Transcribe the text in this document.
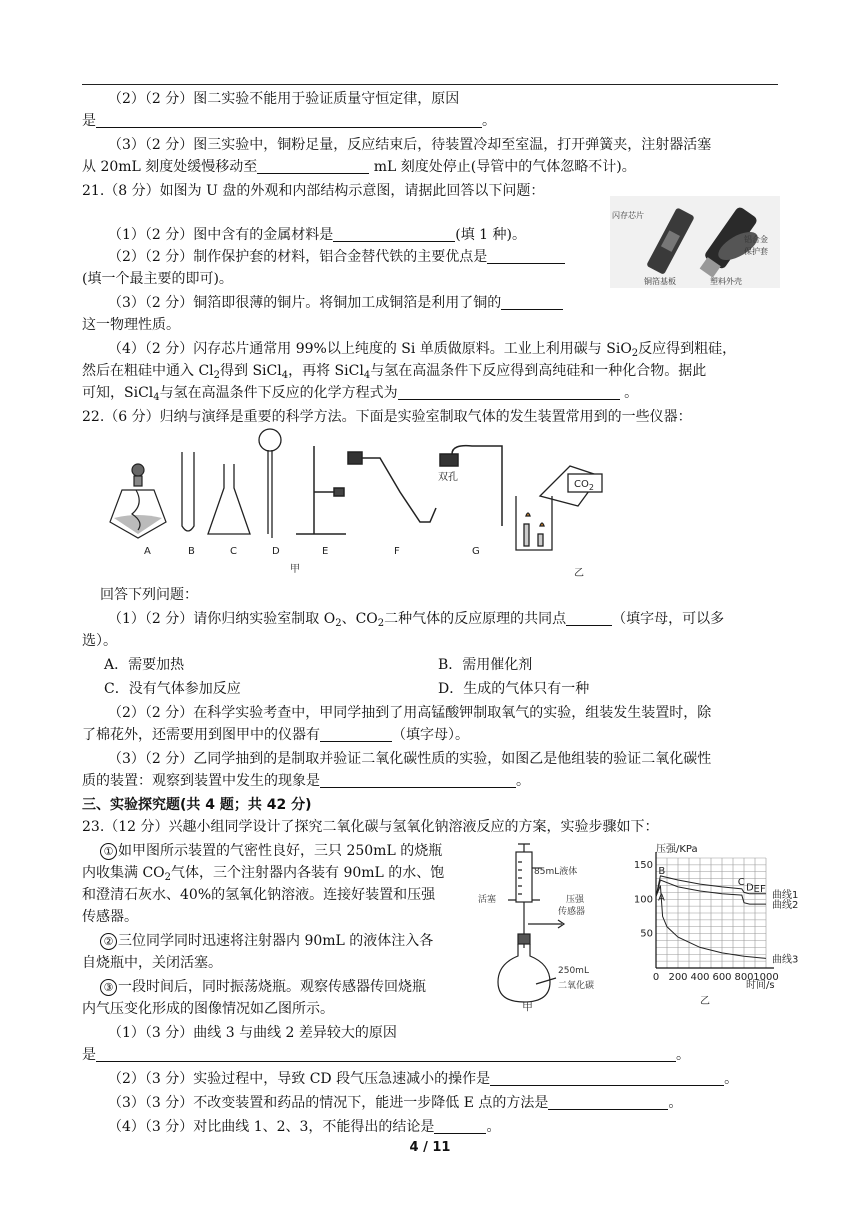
（2）（2 分）图二实验不能用于验证质量守恒定律，原因
是	。
（3）（2 分）图三实验中，铜粉足量，反应结束后，待装置冷却至室温，打开弹簧夹，注射器活塞
从 20mL 刻度处缓慢移动至	mL 刻度处停止(导管中的气体忽略不计)。
21.（8 分）如图为 U 盘的外观和内部结构示意图，请据此回答以下问题：
（1）（2 分）图中含有的金属材料是	(填 1 种)。
（2）（2 分）制作保护套的材料，铝合金替代铁的主要优点是
(填一个最主要的即可)。
（3）（2 分）铜箔即很薄的铜片。将铜加工成铜箔是利用了铜的
这一物理性质。
（4）（2 分）闪存芯片通常用 99%以上纯度的 Si 单质做原料。工业上利用碳与 SiO$_2$反应得到粗硅，
然后在粗硅中通入 $Cl_2$得到 SiCl$_4$，再将 SiCl$_4$与氢在高温条件下反应得到高纯硅和一种化合物。据此
可知，SiCl$_4$与氢在高温条件下反应的化学方程式为	。
闪存芯片
铝合金
保护套
铜箔基板	塑料外壳
22.（6 分）归纳与演绎是重要的科学方法。下面是实验室制取气体的发生装置常用到的一些仪器：
A	B	C	D	E	F	G
双孔
甲	乙
$CO_2$
回答下列问题：
（1）（2 分）请你归纳实验室制取 $O_2$、$CO_2$二种气体的反应原理的共同点	（填字母，可以多
选）。
A．需要加热	B．需用催化剂
C．没有气体参加反应	D．生成的气体只有一种
（2）（2 分）在科学实验考查中，甲同学抽到了用高锰酸钾制取氧气的实验，组装发生装置时，除
了棉花外，还需要用到图甲中的仪器有	（填字母）。
（3）（2 分）乙同学抽到的是制取并验证二氧化碳性质的实验，如图乙是他组装的验证二氧化碳性
质的装置：观察到装置中发生的现象是	。
三、实验探究题(共 4 题；共 42 分)
23.（12 分）兴趣小组同学设计了探究二氧化碳与氢氧化钠溶液反应的方案，实验步骤如下：
① 如甲图所示装置的气密性良好，三只 250mL 的烧瓶
内收集满 $CO_2$气体，三个注射器内各装有 90mL 的水、饱
和澄清石灰水、40%的氢氧化钠溶液。连接好装置和压强
传感器。
② 三位同学同时迅速将注射器内 90mL 的液体注入各
自烧瓶中，关闭活塞。
③ 一段时间后，同时振荡烧瓶。观察传感器传回烧瓶
内气压变化形成的图像情况如乙图所示。
85mL液体
活塞	压强
传感器
250mL
二氧化碳
甲
曲线1
曲线2
曲线3
A
B
C D E F
0 200 400 600 800 1000
50
100
150
压强/KPa
时间/s
乙
（1）（3 分）曲线 3 与曲线 2 差异较大的原因
是	。
（2）（3 分）实验过程中，导致 CD 段气压急速减小的操作是	。
（3）（3 分）不改变装置和药品的情况下，能进一步降低 E 点的方法是	。
（4）（3 分）对比曲线 1、2、3，不能得出的结论是	。
4 / 11
